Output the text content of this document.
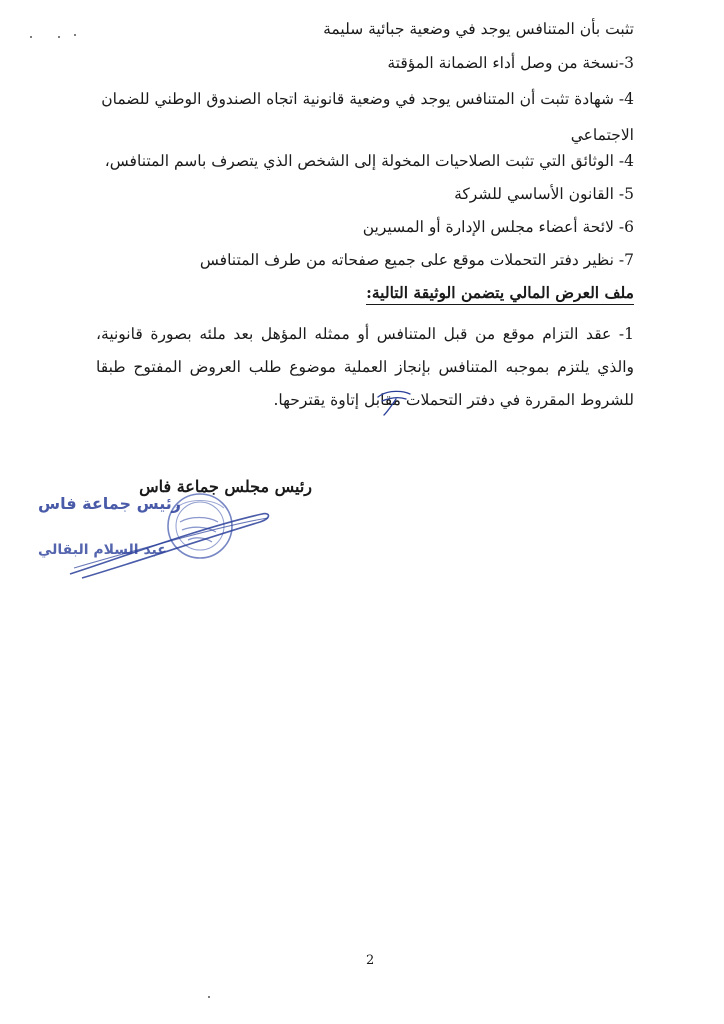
تثبت بأن المتنافس يوجد في وضعية جبائية سليمة
3-نسخة من وصل أداء الضمانة المؤقتة
4- شهادة تثبت أن المتنافس يوجد في وضعية قانونية اتجاه الصندوق الوطني للضمان
الاجتماعي
4- الوثائق التي تثبت الصلاحيات المخولة إلى الشخص الذي يتصرف باسم المتنافس،
5- القانون الأساسي للشركة
6- لائحة أعضاء مجلس الإدارة أو المسيرين
7- نظير دفتر التحملات موقع على جميع صفحاته من طرف المتنافس
ملف العرض المالي يتضمن الوثيقة التالية:
1- عقد التزام موقع من قبل المتنافس أو ممثله المؤهل بعد ملئه بصورة قانونية، والذي يلتزم بموجبه المتنافس بإنجاز العملية موضوع طلب العروض المفتوح طبقا للشروط المقررة في دفتر التحملات مقابل إتاوة يقترحها.
رئيس مجلس جماعة فاس
رئيس جماعة فاس
عبد السلام البقالي
2
